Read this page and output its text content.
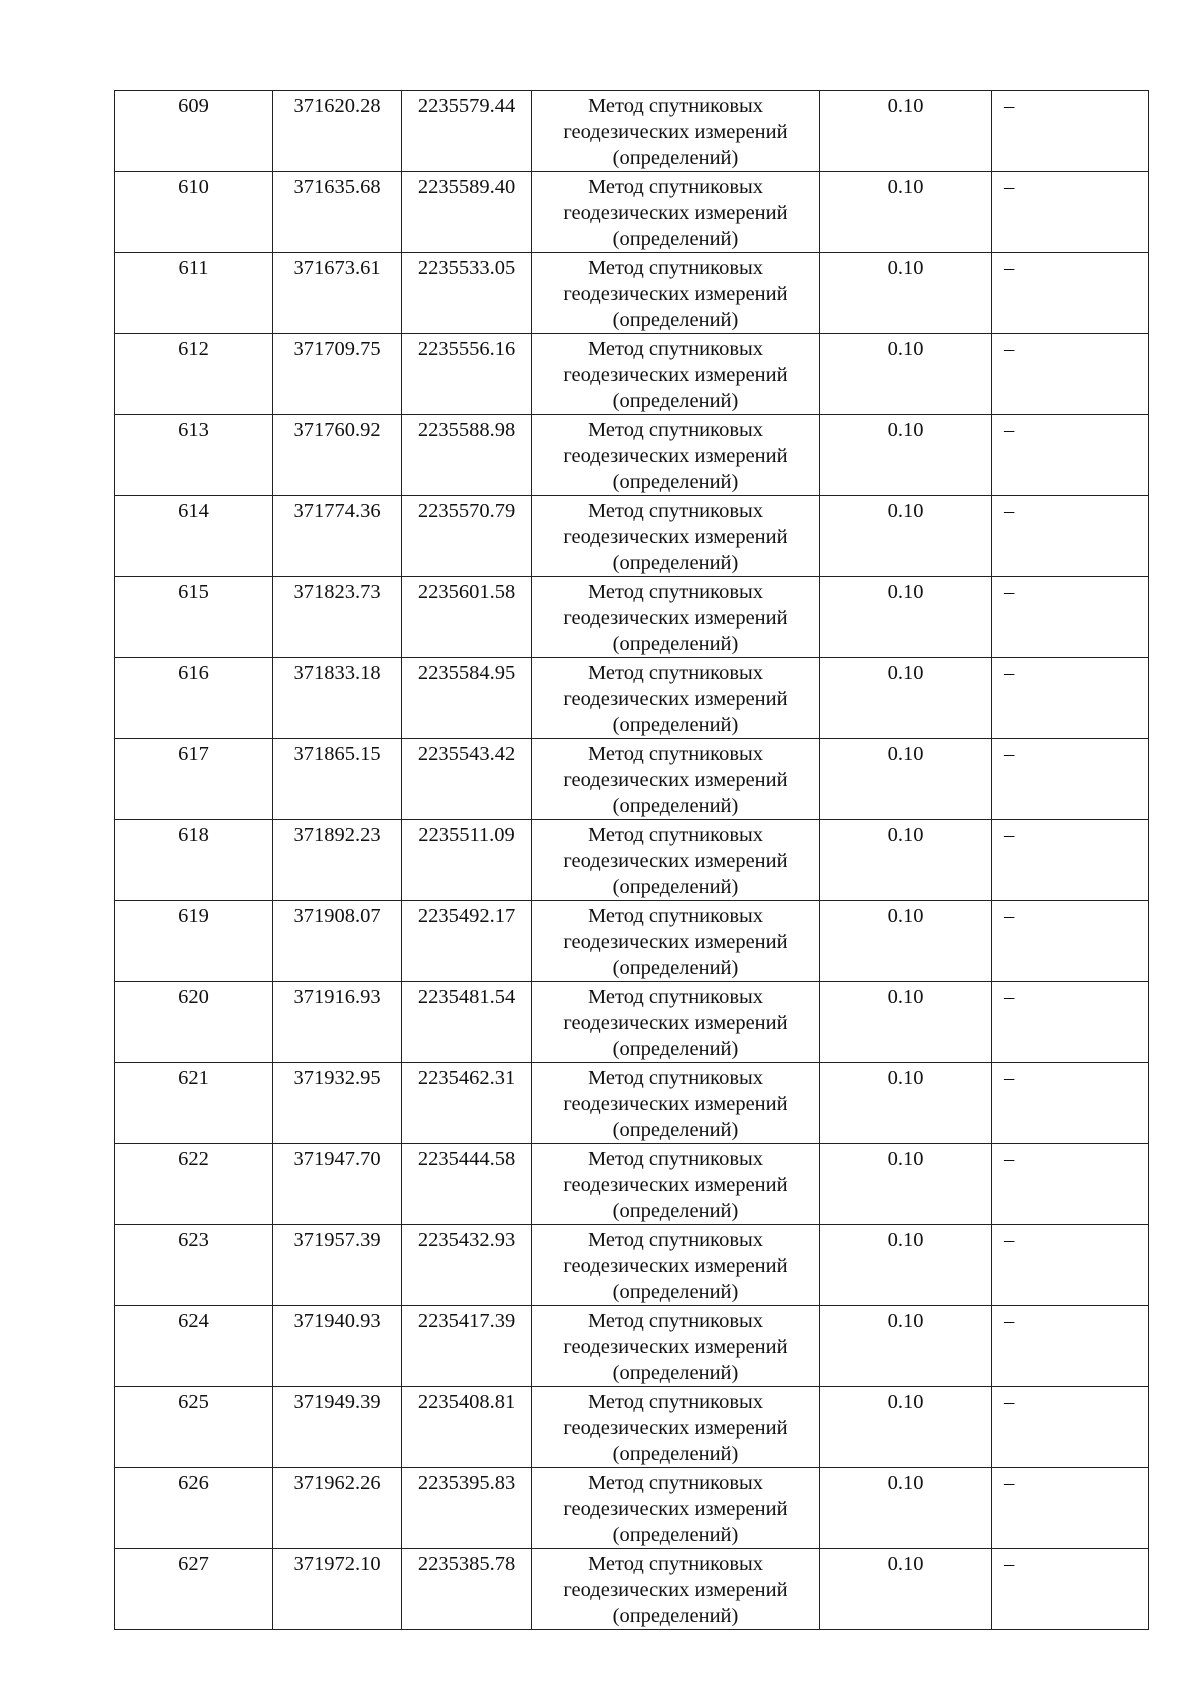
609	371620.28	2235579.44	Метод спутниковых геодезических измерений (определений)	0.10	–

610	371635.68	2235589.40	Метод спутниковых геодезических измерений (определений)	0.10	–

611	371673.61	2235533.05	Метод спутниковых геодезических измерений (определений)	0.10	–

612	371709.75	2235556.16	Метод спутниковых геодезических измерений (определений)	0.10	–

613	371760.92	2235588.98	Метод спутниковых геодезических измерений (определений)	0.10	–

614	371774.36	2235570.79	Метод спутниковых геодезических измерений (определений)	0.10	–

615	371823.73	2235601.58	Метод спутниковых геодезических измерений (определений)	0.10	–

616	371833.18	2235584.95	Метод спутниковых геодезических измерений (определений)	0.10	–

617	371865.15	2235543.42	Метод спутниковых геодезических измерений (определений)	0.10	–

618	371892.23	2235511.09	Метод спутниковых геодезических измерений (определений)	0.10	–

619	371908.07	2235492.17	Метод спутниковых геодезических измерений (определений)	0.10	–

620	371916.93	2235481.54	Метод спутниковых геодезических измерений (определений)	0.10	–

621	371932.95	2235462.31	Метод спутниковых геодезических измерений (определений)	0.10	–

622	371947.70	2235444.58	Метод спутниковых геодезических измерений (определений)	0.10	–

623	371957.39	2235432.93	Метод спутниковых геодезических измерений (определений)	0.10	–

624	371940.93	2235417.39	Метод спутниковых геодезических измерений (определений)	0.10	–

625	371949.39	2235408.81	Метод спутниковых геодезических измерений (определений)	0.10	–

626	371962.26	2235395.83	Метод спутниковых геодезических измерений (определений)	0.10	–

627	371972.10	2235385.78	Метод спутниковых геодезических измерений (определений)	0.10	–
